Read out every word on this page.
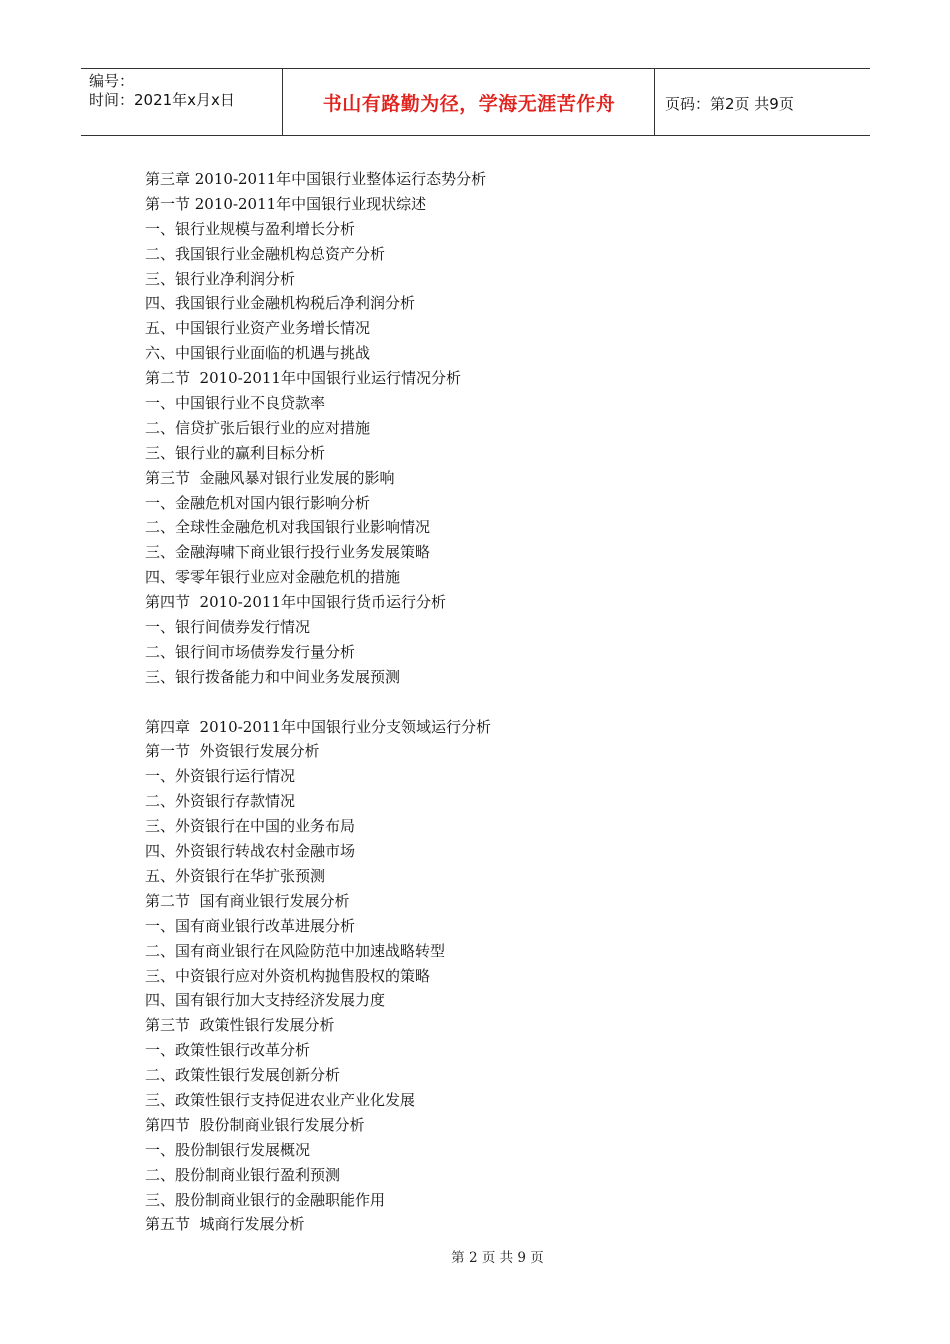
编号：
时间：2021年x月x日	书山有路勤为径，学海无涯苦作舟	页码：第2页 共9页
第三章 2010-2011年中国银行业整体运行态势分析
第一节 2010-2011年中国银行业现状综述
一、银行业规模与盈利增长分析
二、我国银行业金融机构总资产分析
三、银行业净利润分析
四、我国银行业金融机构税后净利润分析
五、中国银行业资产业务增长情况
六、中国银行业面临的机遇与挑战
第二节  2010-2011年中国银行业运行情况分析
一、中国银行业不良贷款率
二、信贷扩张后银行业的应对措施
三、银行业的赢利目标分析
第三节  金融风暴对银行业发展的影响
一、金融危机对国内银行影响分析
二、全球性金融危机对我国银行业影响情况
三、金融海啸下商业银行投行业务发展策略
四、零零年银行业应对金融危机的措施
第四节  2010-2011年中国银行货币运行分析
一、银行间债券发行情况
二、银行间市场债券发行量分析
三、银行拨备能力和中间业务发展预测
第四章  2010-2011年中国银行业分支领域运行分析
第一节  外资银行发展分析
一、外资银行运行情况
二、外资银行存款情况
三、外资银行在中国的业务布局
四、外资银行转战农村金融市场
五、外资银行在华扩张预测
第二节  国有商业银行发展分析
一、国有商业银行改革进展分析
二、国有商业银行在风险防范中加速战略转型
三、中资银行应对外资机构抛售股权的策略
四、国有银行加大支持经济发展力度
第三节  政策性银行发展分析
一、政策性银行改革分析
二、政策性银行发展创新分析
三、政策性银行支持促进农业产业化发展
第四节  股份制商业银行发展分析
一、股份制银行发展概况
二、股份制商业银行盈利预测
三、股份制商业银行的金融职能作用
第五节  城商行发展分析
第 2 页 共 9 页
